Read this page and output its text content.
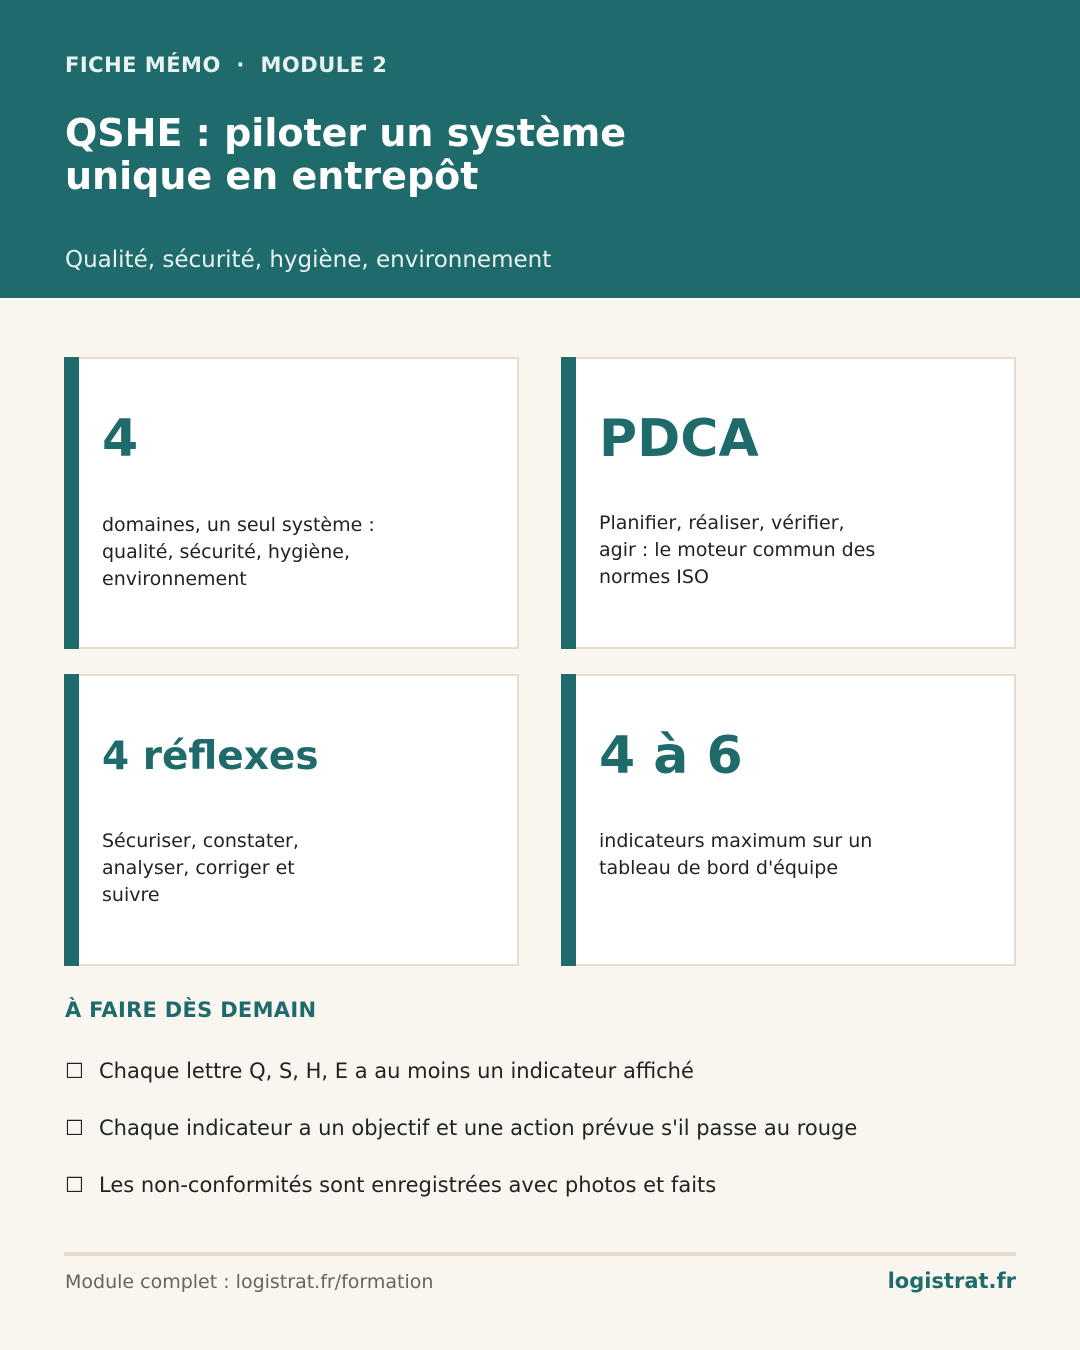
FICHE MÉMO  ·  MODULE 2
QSHE : piloter un système
unique en entrepôt
Qualité, sécurité, hygiène, environnement
4
domaines, un seul système : qualité, sécurité, hygiène, environnement
PDCA
Planifier, réaliser, vérifier, agir : le moteur commun des normes ISO
4 réflexes
Sécuriser, constater, analyser, corriger et suivre
4 à 6
indicateurs maximum sur un tableau de bord d'équipe
À FAIRE DÈS DEMAIN
☐ Chaque lettre Q, S, H, E a au moins un indicateur affiché
☐ Chaque indicateur a un objectif et une action prévue s'il passe au rouge
☐ Les non-conformités sont enregistrées avec photos et faits
Module complet : logistrat.fr/formation	logistrat.fr
